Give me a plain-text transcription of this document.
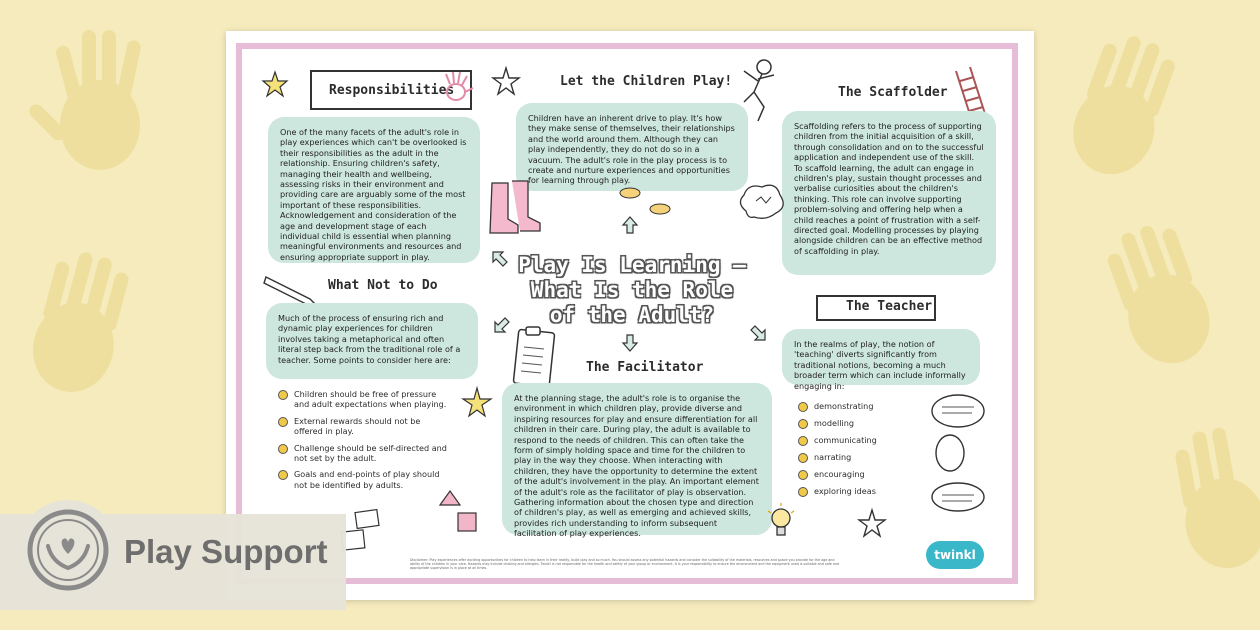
Responsibilities
One of the many facets of the adult's role in play experiences which can't be overlooked is their responsibilities as the adult in the relationship. Ensuring children's safety, managing their health and wellbeing, assessing risks in their environment and providing care are arguably some of the most important of these responsibilities. Acknowledgement and consideration of the age and development stage of each individual child is essential when planning meaningful environments and resources and ensuring appropriate support in play.
Let the Children Play!
Children have an inherent drive to play. It's how they make sense of themselves, their relationships and the world around them. Although they can play independently, they do not do so in a vacuum. The adult's role in the play process is to create and nurture experiences and opportunities for learning through play.
The Scaffolder
Scaffolding refers to the process of supporting children from the initial acquisition of a skill, through consolidation and on to the successful application and independent use of the skill. To scaffold learning, the adult can engage in children's play, sustain thought processes and verbalise curiosities about the children's thinking. This role can involve supporting problem-solving and offering help when a child reaches a point of frustration with a self-directed goal. Modelling processes by playing alongside children can be an effective method of scaffolding in play.
Play Is Learning – What Is the Role of the Adult?
What Not to Do
Much of the process of ensuring rich and dynamic play experiences for children involves taking a metaphorical and often literal step back from the traditional role of a teacher. Some points to consider here are:
Children should be free of pressure and adult expectations when playing.
External rewards should not be offered in play.
Challenge should be self-directed and not set by the adult.
Goals and end-points of play should not be identified by adults.
The Teacher
In the realms of play, the notion of 'teaching' diverts significantly from traditional notions, becoming a much broader term which can include informally engaging in:
demonstrating
modelling
communicating
narrating
encouraging
exploring ideas
The Facilitator
At the planning stage, the adult's role is to organise the environment in which children play, provide diverse and inspiring resources for play and ensure differentiation for all children in their care. During play, the adult is available to respond to the needs of children. This can often take the form of simply holding space and time for the children to play in the way they choose. When interacting with children, they have the opportunity to determine the extent of the adult's involvement in the play. An important element of the adult's role as the facilitator of play is observation. Gathering information about the chosen type and direction of children's play, as well as emerging and achieved skills, provides rich understanding to inform subsequent facilitation of play experiences.
Disclaimer: Play experiences offer exciting opportunities for children to help learn in their reality, build play and so much. You should assess any potential hazards and consider the suitability of the materials, resources and space you provide for the age and ability of the children in your care. Hazards may include choking and allergies. Twinkl is not responsible for the health and safety of your group or environment. It is your responsibility to ensure the environment and the equipment used is suitable and safe and appropriate supervision is in place at all times.
twinkl
Play Support
